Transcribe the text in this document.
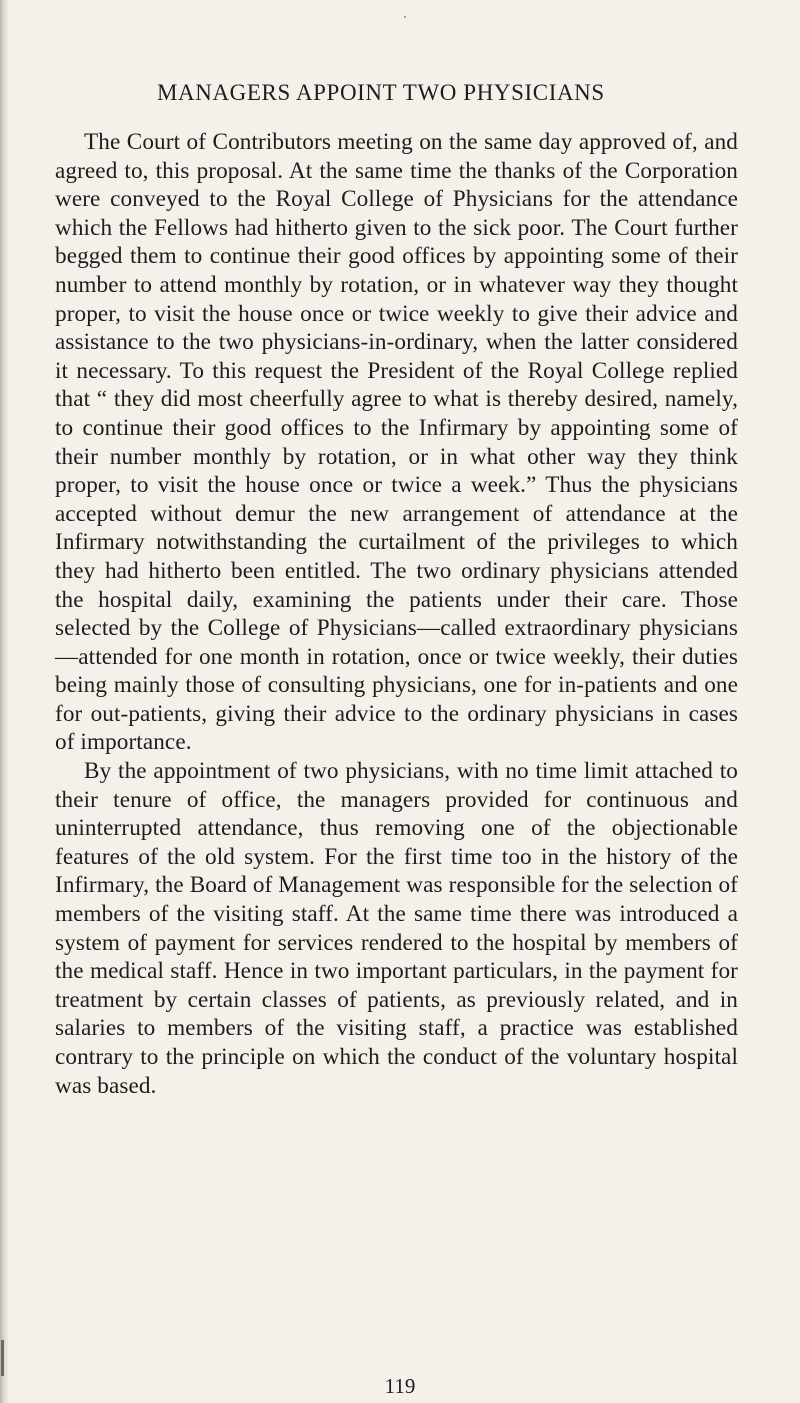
MANAGERS APPOINT TWO PHYSICIANS

The Court of Contributors meeting on the same day approved of, and agreed to, this proposal. At the same time the thanks of the Corporation were conveyed to the Royal College of Physicians for the attendance which the Fellows had hitherto given to the sick poor. The Court further begged them to continue their good offices by appointing some of their number to attend monthly by rotation, or in whatever way they thought proper, to visit the house once or twice weekly to give their advice and assistance to the two physicians-in-ordinary, when the latter considered it necessary. To this request the President of the Royal College replied that “ they did most cheerfully agree to what is thereby desired, namely, to continue their good offices to the Infirmary by appointing some of their number monthly by rotation, or in what other way they think proper, to visit the house once or twice a week.” Thus the physicians accepted without demur the new arrangement of attendance at the Infirmary notwithstanding the curtailment of the privileges to which they had hitherto been entitled. The two ordinary physicians attended the hospital daily, examining the patients under their care. Those selected by the College of Physicians—called extraordinary physicians—attended for one month in rotation, once or twice weekly, their duties being mainly those of consulting physicians, one for in-patients and one for out-patients, giving their advice to the ordinary physicians in cases of importance.

By the appointment of two physicians, with no time limit attached to their tenure of office, the managers provided for continuous and uninterrupted attendance, thus removing one of the objectionable features of the old system. For the first time too in the history of the Infirmary, the Board of Management was responsible for the selection of members of the visiting staff. At the same time there was introduced a system of payment for services rendered to the hospital by members of the medical staff. Hence in two important particulars, in the payment for treatment by certain classes of patients, as previously related, and in salaries to members of the visiting staff, a practice was established contrary to the principle on which the conduct of the voluntary hospital was based.

119
